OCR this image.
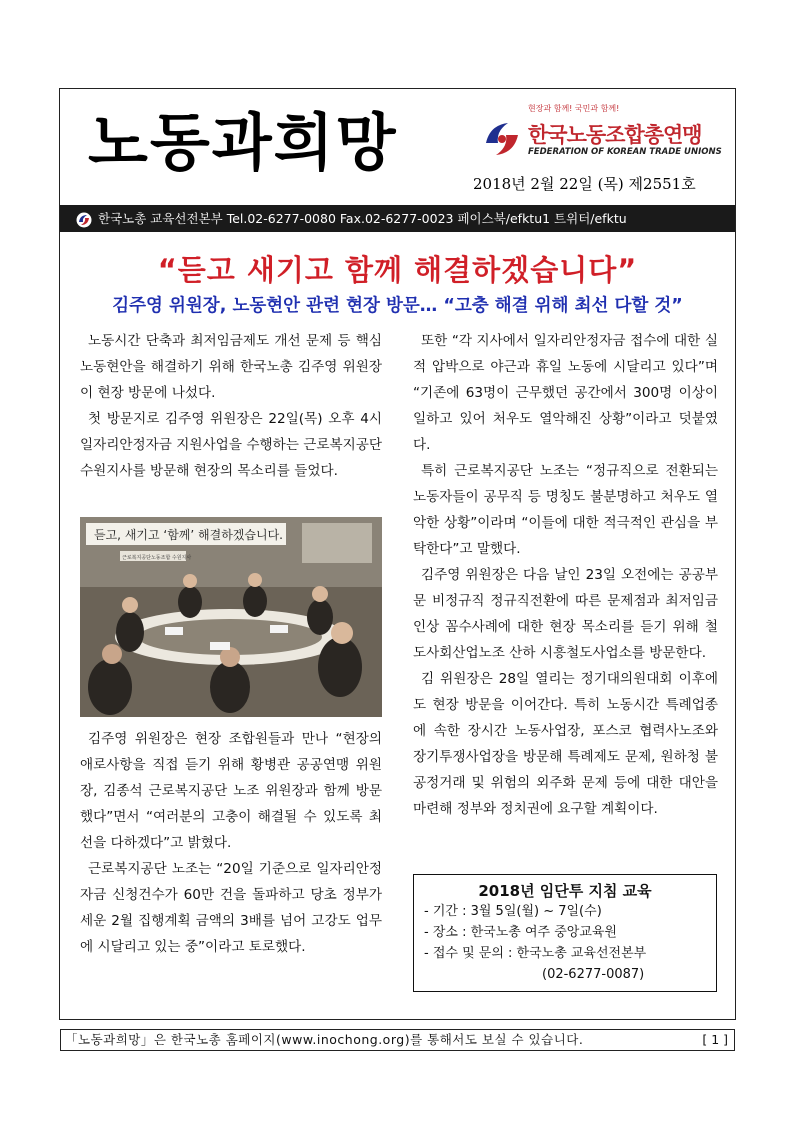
노동과희망	현장과 함께! 국민과 함께!
한국노동조합총연맹
FEDERATION OF KOREAN TRADE UNIONS
2018년 2월 22일 (목) 제2551호
한국노총 교육선전본부 Tel.02-6277-0080 Fax.02-6277-0023 페이스북/efktu1 트위터/efktu
“듣고 새기고 함께 해결하겠습니다”
김주영 위원장, 노동현안 관련 현장 방문… “고충 해결 위해 최선 다할 것”

노동시간 단축과 최저임금제도 개선 문제 등 핵심 노동현안을 해결하기 위해 한국노총 김주영 위원장이 현장 방문에 나섰다.

첫 방문지로 김주영 위원장은 22일(목) 오후 4시 일자리안정자금 지원사업을 수행하는 근로복지공단 수원지사를 방문해 현장의 목소리를 들었다.

듣고, 새기고 ‘함께’ 해결하겠습니다.
근로복지공단노동조합 수원지사

김주영 위원장은 현장 조합원들과 만나 “현장의 애로사항을 직접 듣기 위해 황병관 공공연맹 위원장, 김종석 근로복지공단 노조 위원장과 함께 방문했다”면서 “여러분의 고충이 해결될 수 있도록 최선을 다하겠다”고 밝혔다.

근로복지공단 노조는 “20일 기준으로 일자리안정자금 신청건수가 60만 건을 돌파하고 당초 정부가 세운 2월 집행계획 금액의 3배를 넘어 고강도 업무에 시달리고 있는 중”이라고 토로했다.

또한 “각 지사에서 일자리안정자금 접수에 대한 실적 압박으로 야근과 휴일 노동에 시달리고 있다”며 “기존에 63명이 근무했던 공간에서 300명 이상이 일하고 있어 처우도 열악해진 상황”이라고 덧붙였다.

특히 근로복지공단 노조는 “정규직으로 전환되는 노동자들이 공무직 등 명칭도 불분명하고 처우도 열악한 상황”이라며 “이들에 대한 적극적인 관심을 부탁한다”고 말했다.

김주영 위원장은 다음 날인 23일 오전에는 공공부문 비정규직 정규직전환에 따른 문제점과 최저임금 인상 꼼수사례에 대한 현장 목소리를 듣기 위해 철도사회산업노조 산하 시흥철도사업소를 방문한다.

김 위원장은 28일 열리는 정기대의원대회 이후에도 현장 방문을 이어간다. 특히 노동시간 특례업종에 속한 장시간 노동사업장, 포스코 협력사노조와 장기투쟁사업장을 방문해 특례제도 문제, 원하청 불공정거래 및 위험의 외주화 문제 등에 대한 대안을 마련해 정부와 정치권에 요구할 계획이다.

2018년 임단투 지침 교육
- 기간 : 3월 5일(월) ~ 7일(수)
- 장소 : 한국노총 여주 중앙교육원
- 접수 및 문의 : 한국노총 교육선전본부
(02-6277-0087)
「노동과희망」은 한국노총 홈페이지(www.inochong.org)를 통해서도 보실 수 있습니다.	[ 1 ]
